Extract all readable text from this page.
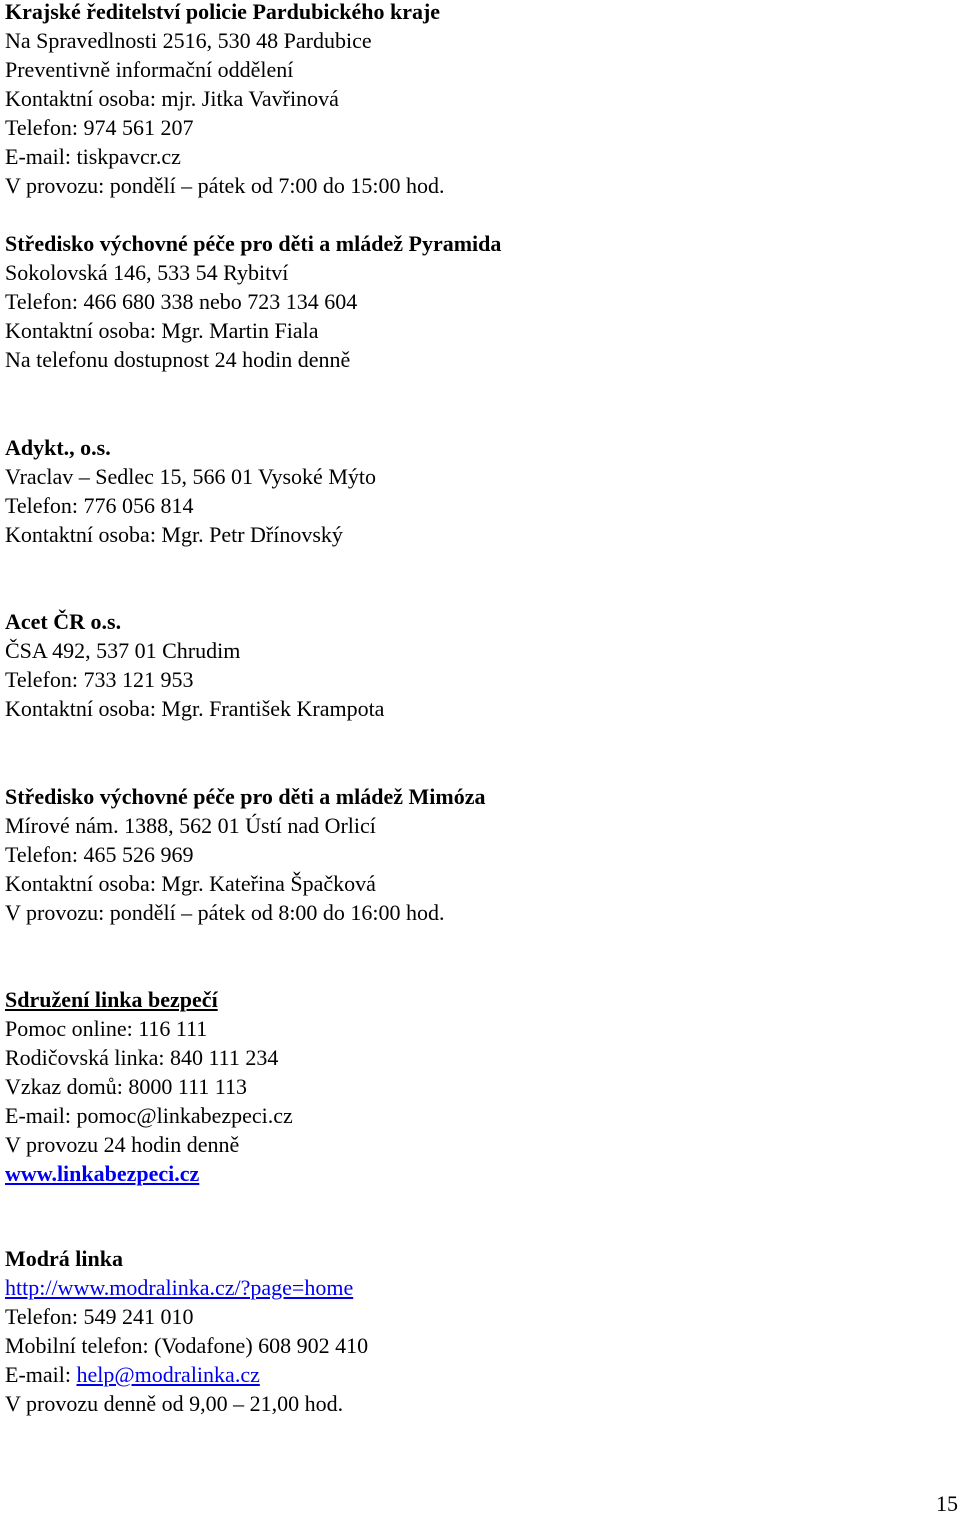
Krajské ředitelství policie Pardubického kraje
Na Spravedlnosti 2516, 530 48 Pardubice
Preventivně informační oddělení
Kontaktní osoba: mjr. Jitka Vavřinová
Telefon: 974 561 207
E-mail: tiskpavcr.cz
V provozu: pondělí – pátek od 7:00 do 15:00 hod.
Středisko výchovné péče pro děti a mládež Pyramida
Sokolovská 146, 533 54 Rybitví
Telefon: 466 680 338 nebo 723 134 604
Kontaktní osoba: Mgr. Martin Fiala
Na telefonu dostupnost 24 hodin denně
Adykt., o.s.
Vraclav – Sedlec 15, 566 01 Vysoké Mýto
Telefon: 776 056 814
Kontaktní osoba: Mgr. Petr Dřínovský
Acet ČR o.s.
ČSA 492, 537 01 Chrudim
Telefon: 733 121 953
Kontaktní osoba: Mgr. František Krampota
Středisko výchovné péče pro děti a mládež Mimóza
Mírové nám. 1388, 562 01 Ústí nad Orlicí
Telefon: 465 526 969
Kontaktní osoba: Mgr. Kateřina Špačková
V provozu: pondělí – pátek od 8:00 do 16:00 hod.
Sdružení linka bezpečí
Pomoc online: 116 111
Rodičovská linka: 840 111 234
Vzkaz domů: 8000 111 113
E-mail: pomoc@linkabezpeci.cz
V provozu 24 hodin denně
www.linkabezpeci.cz
Modrá linka
http://www.modralinka.cz/?page=home
Telefon: 549 241 010
Mobilní telefon: (Vodafone) 608 902 410
E-mail: help@modralinka.cz
V provozu denně od 9,00 – 21,00 hod.
15
